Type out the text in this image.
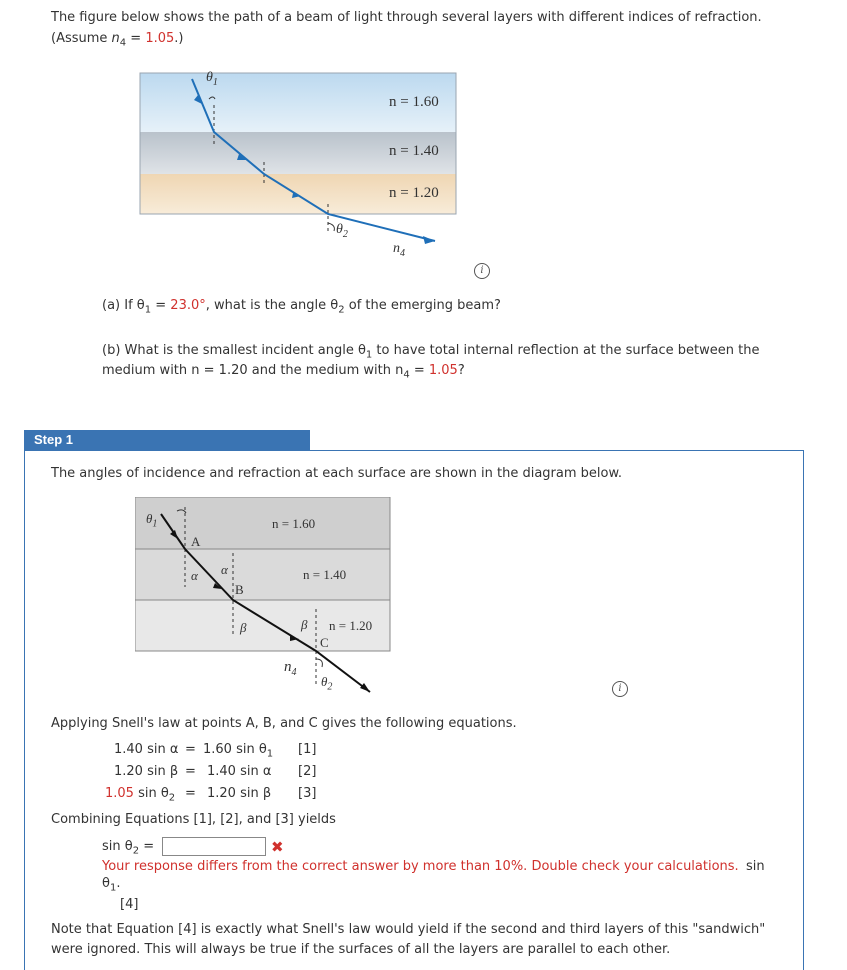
The figure below shows the path of a beam of light through several layers with different indices of refraction.
(Assume $n_4 = 1.05$.)
$\theta_1$
n = 1.60
n = 1.40
n = 1.20
$\theta_2$
$n_4$
i
(a) If $\theta_1 = 23.0^\circ$, what is the angle $\theta_2$ of the emerging beam?
(b) What is the smallest incident angle $\theta_1$ to have total internal reflection at the surface between the
medium with n = 1.20 and the medium with $n_4 = 1.05$?
Step 1
The angles of incidence and refraction at each surface are shown in the diagram below.
$\theta_1$
A
n = 1.60
α α
B
n = 1.40
β	β n = 1.20
C
$n_4$
$\theta_2$	i
Applying Snell's law at points A, B, and C gives the following equations.
1.40 sin α = 1.60 $\sin \theta_1$ [1]
1.20 sin β = 1.40 sin α [2]
1.05 $\sin \theta_2 = 1.20$ sin β [3]
Combining Equations [1], [2], and [3] yields
$\sin \theta_2$ =	✖
Your response differs from the correct answer by more than 10%. Double check your calculations. sin
$\theta_1$.
[4]
Note that Equation [4] is exactly what Snell's law would yield if the second and third layers of this "sandwich"
were ignored. This will always be true if the surfaces of all the layers are parallel to each other.
